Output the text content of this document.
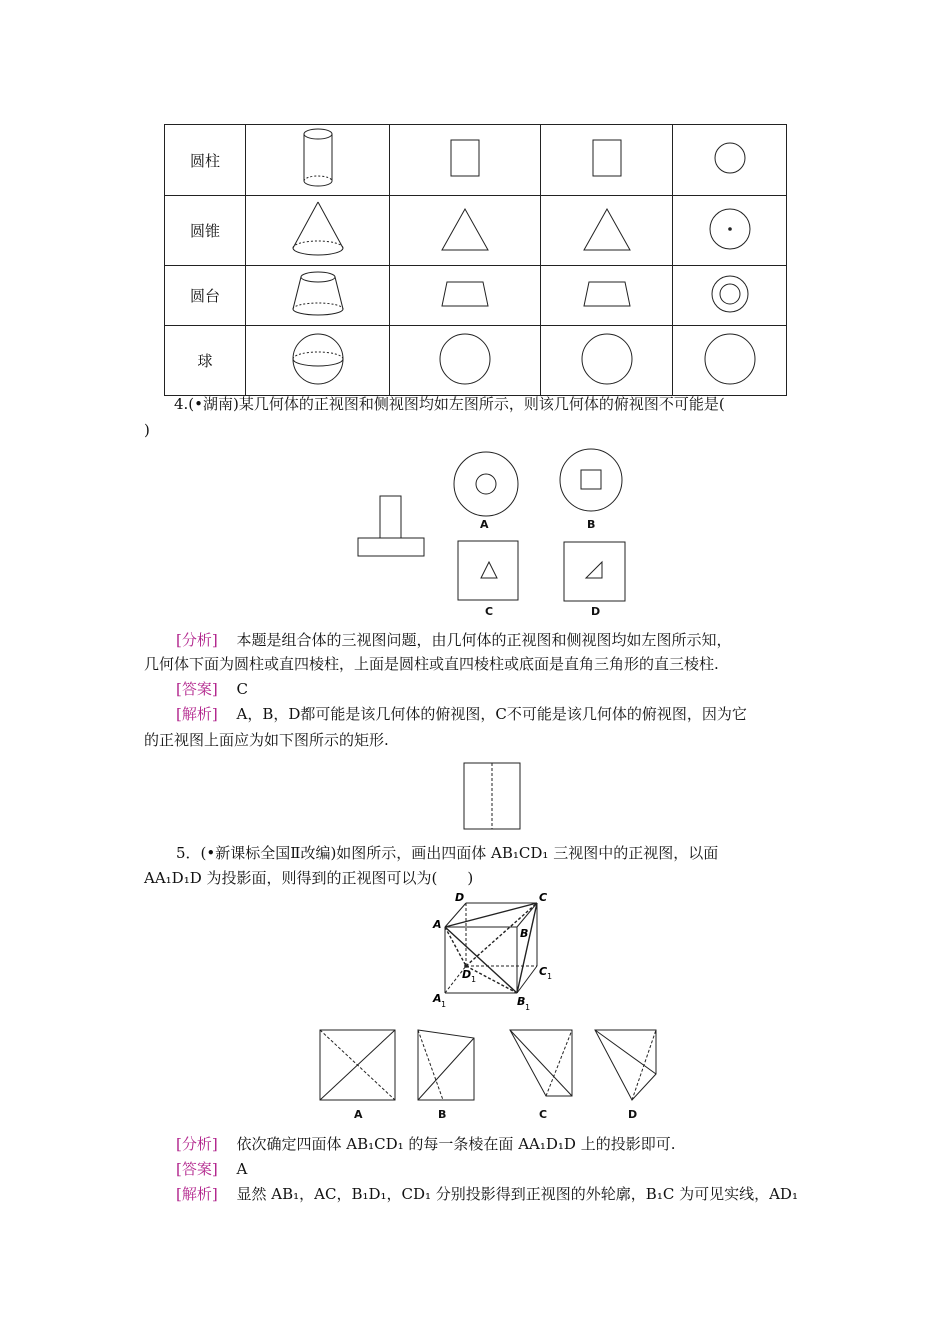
圆柱				
圆锥				
圆台				
球				
4.(•湖南)某几何体的正视图和侧视图均如左图所示，则该几何体的俯视图不可能是(
)
A	B
C	D
[分析] 本题是组合体的三视图问题，由几何体的正视图和侧视图均如左图所示知，
几何体下面为圆柱或直四棱柱，上面是圆柱或直四棱柱或底面是直角三角形的直三棱柱.
[答案] C
[解析] A，B，D都可能是该几何体的俯视图，C不可能是该几何体的俯视图，因为它
的正视图上面应为如下图所示的矩形.
5．(•新课标全国Ⅱ改编)如图所示，画出四面体 AB₁CD₁ 三视图中的正视图，以面
AA₁D₁D 为投影面，则得到的正视图可以为(　　)
D	C
A
B
D 1
C 1
A 1	B 1
A	B	C	D
[分析] 依次确定四面体 AB₁CD₁ 的每一条棱在面 AA₁D₁D 上的投影即可.
[答案] A
[解析] 显然 AB₁，AC，B₁D₁，CD₁ 分别投影得到正视图的外轮廓，B₁C 为可见实线，AD₁
